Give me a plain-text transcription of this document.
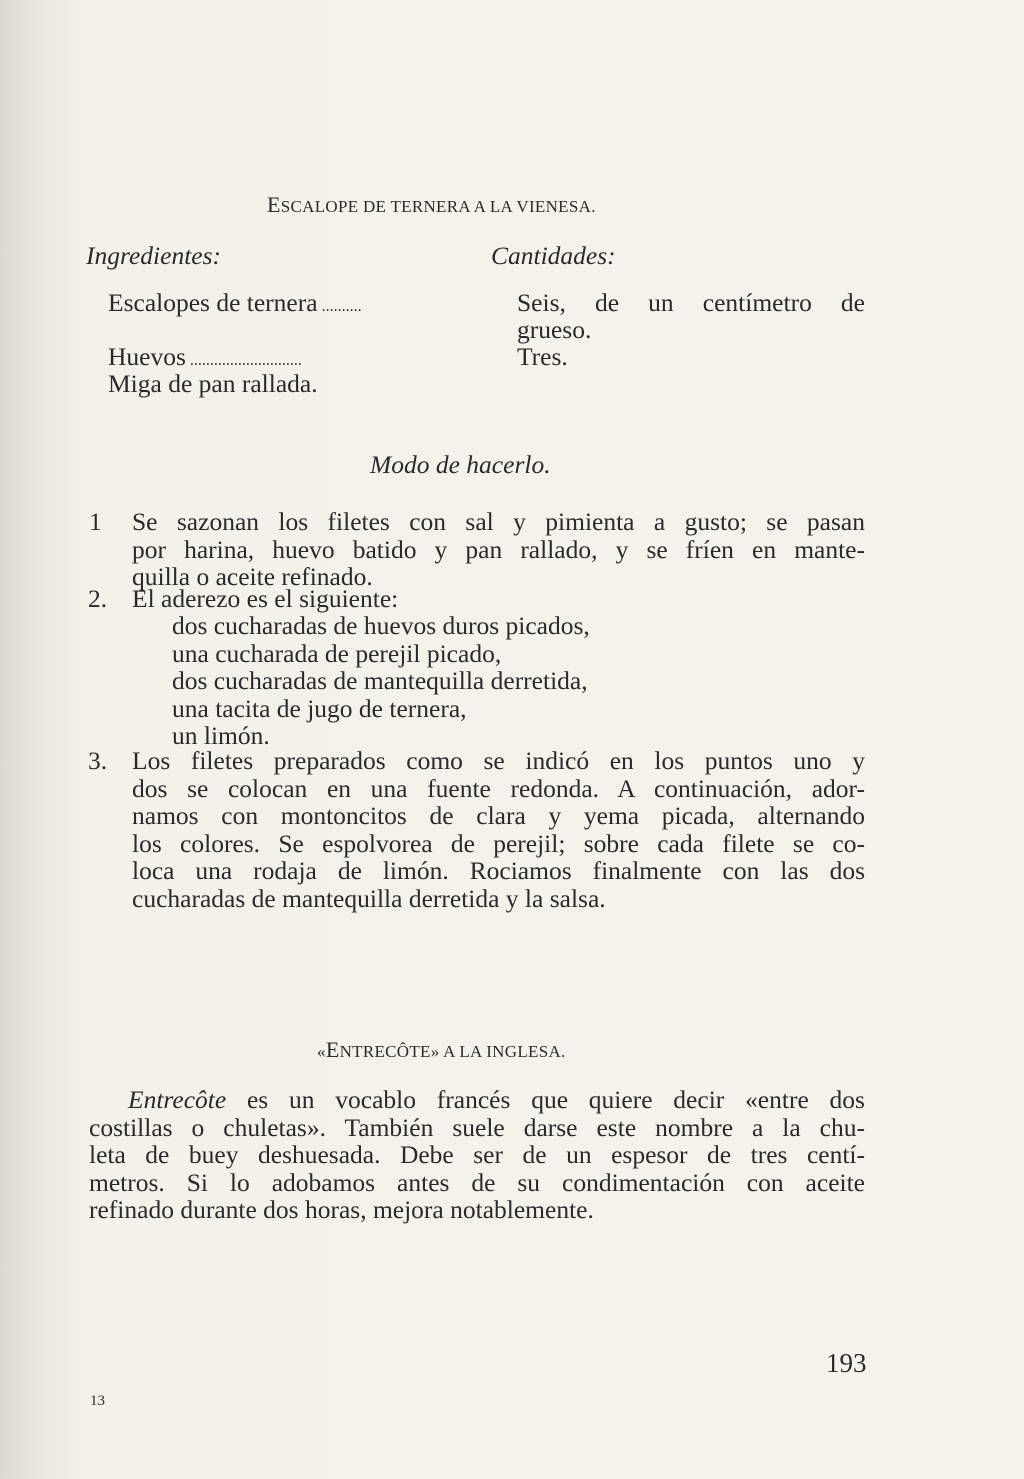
ESCALOPE DE TERNERA A LA VIENESA.
Ingredientes:	Cantidades:
Escalopes de ternera ..........	Seis, de un centímetro de
grueso.
Huevos ............................	Tres.
Miga de pan rallada.
Modo de hacerlo.
1 Se sazonan los filetes con sal y pimienta a gusto; se pasan
por harina, huevo batido y pan rallado, y se fríen en mante-
quilla o aceite refinado.
2. El aderezo es el siguiente:
dos cucharadas de huevos duros picados,
una cucharada de perejil picado,
dos cucharadas de mantequilla derretida,
una tacita de jugo de ternera,
un limón.
3. Los filetes preparados como se indicó en los puntos uno y
dos se colocan en una fuente redonda. A continuación, ador-
namos con montoncitos de clara y yema picada, alternando
los colores. Se espolvorea de perejil; sobre cada filete se co-
loca una rodaja de limón. Rociamos finalmente con las dos
cucharadas de mantequilla derretida y la salsa.
«ENTRECÔTE» A LA INGLESA.
Entrecôte es un vocablo francés que quiere decir «entre dos
costillas o chuletas». También suele darse este nombre a la chu-
leta de buey deshuesada. Debe ser de un espesor de tres centí-
metros. Si lo adobamos antes de su condimentación con aceite
refinado durante dos horas, mejora notablemente.
193
13
